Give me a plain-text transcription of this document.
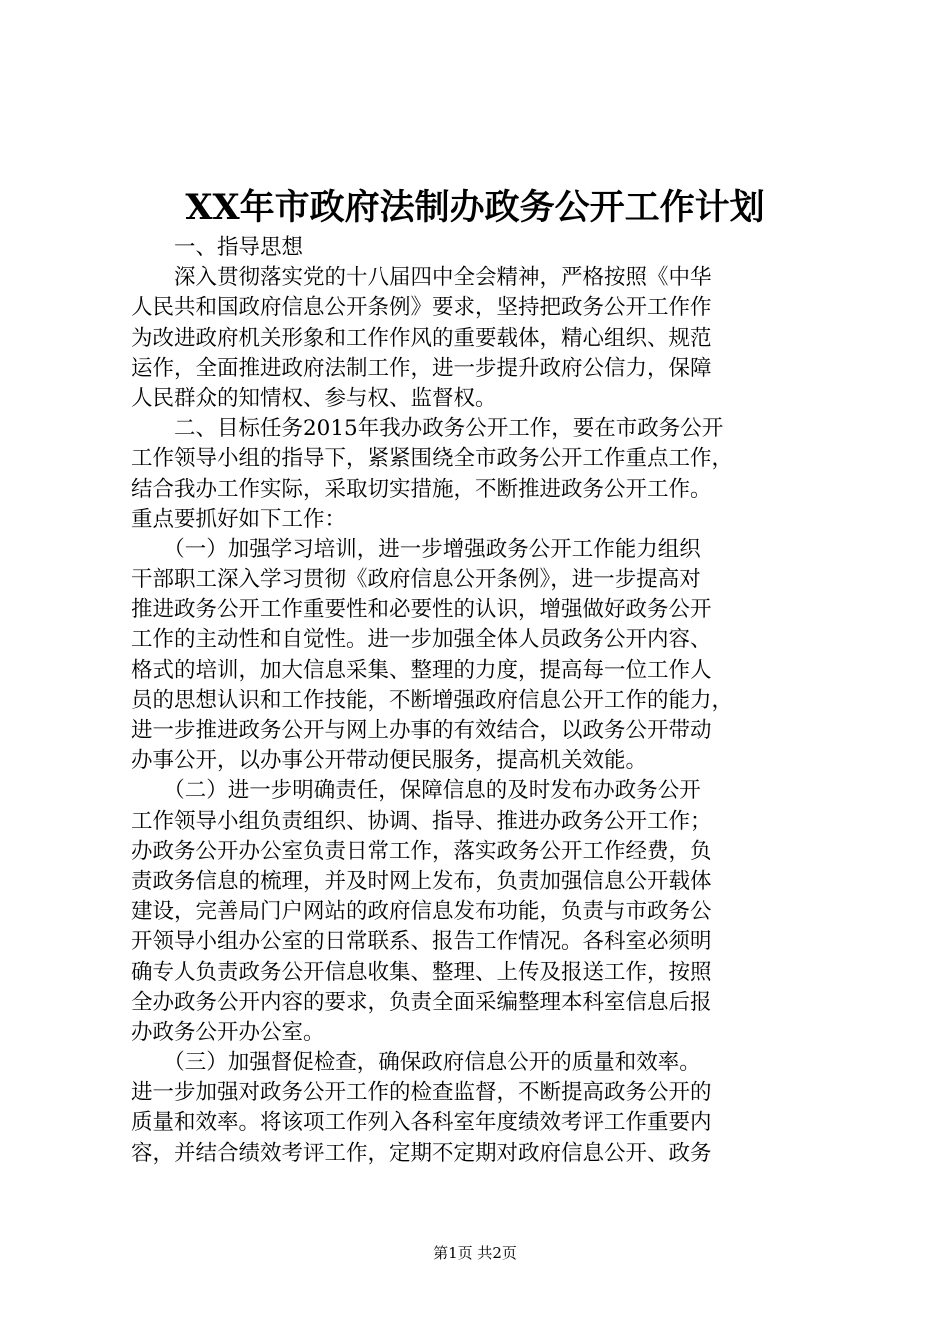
XX年市政府法制办政务公开工作计划
　　一、指导思想
　　深入贯彻落实党的十八届四中全会精神，严格按照《中华
人民共和国政府信息公开条例》要求，坚持把政务公开工作作
为改进政府机关形象和工作作风的重要载体，精心组织、规范
运作，全面推进政府法制工作，进一步提升政府公信力，保障
人民群众的知情权、参与权、监督权。
　　二、目标任务2015年我办政务公开工作，要在市政务公开
工作领导小组的指导下，紧紧围绕全市政务公开工作重点工作，
结合我办工作实际，采取切实措施，不断推进政务公开工作。
重点要抓好如下工作：
　　（一）加强学习培训，进一步增强政务公开工作能力组织
干部职工深入学习贯彻《政府信息公开条例》，进一步提高对
推进政务公开工作重要性和必要性的认识，增强做好政务公开
工作的主动性和自觉性。进一步加强全体人员政务公开内容、
格式的培训，加大信息采集、整理的力度，提高每一位工作人
员的思想认识和工作技能，不断增强政府信息公开工作的能力，
进一步推进政务公开与网上办事的有效结合，以政务公开带动
办事公开，以办事公开带动便民服务，提高机关效能。
　　（二）进一步明确责任，保障信息的及时发布办政务公开
工作领导小组负责组织、协调、指导、推进办政务公开工作；
办政务公开办公室负责日常工作，落实政务公开工作经费，负
责政务信息的梳理，并及时网上发布，负责加强信息公开载体
建设，完善局门户网站的政府信息发布功能，负责与市政务公
开领导小组办公室的日常联系、报告工作情况。各科室必须明
确专人负责政务公开信息收集、整理、上传及报送工作，按照
全办政务公开内容的要求，负责全面采编整理本科室信息后报
办政务公开办公室。
　　（三）加强督促检查，确保政府信息公开的质量和效率。
进一步加强对政务公开工作的检查监督，不断提高政务公开的
质量和效率。将该项工作列入各科室年度绩效考评工作重要内
容，并结合绩效考评工作，定期不定期对政府信息公开、政务
第1页 共2页
